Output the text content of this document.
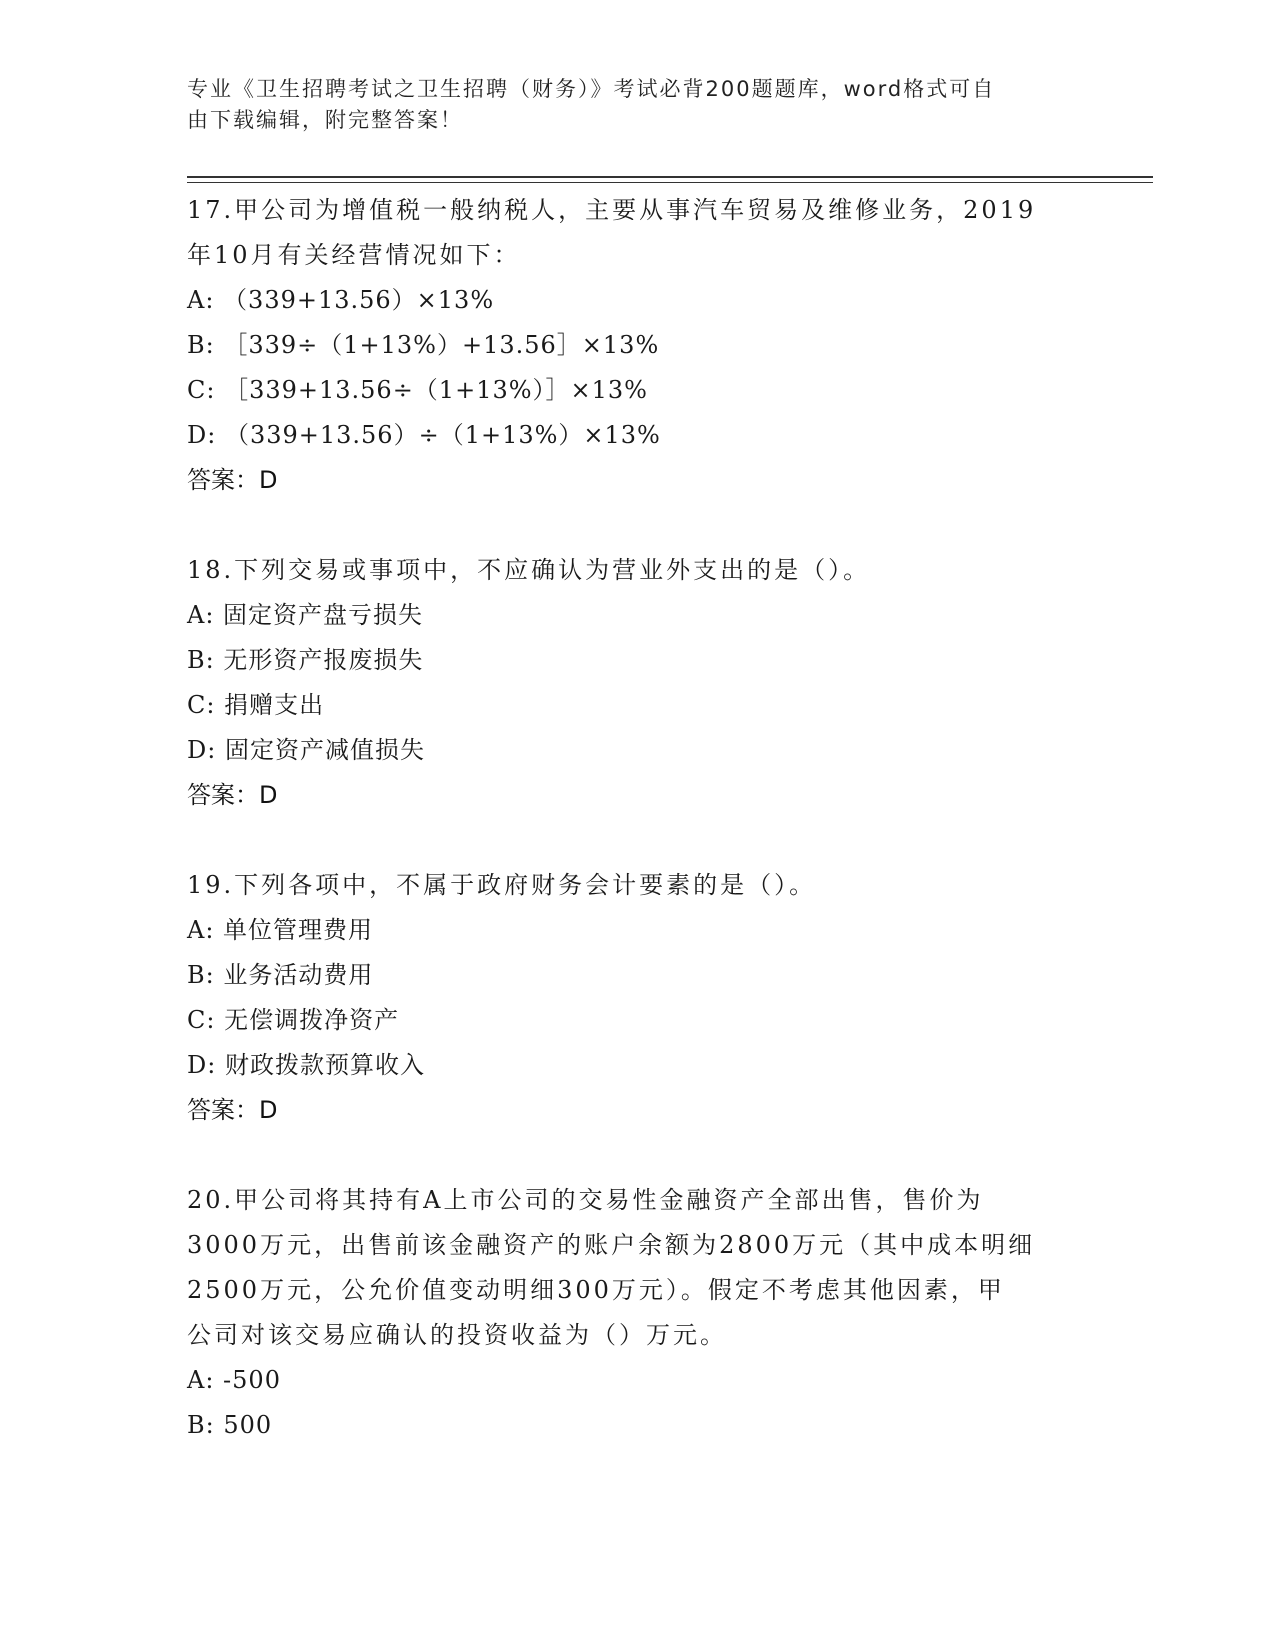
专业《卫生招聘考试之卫生招聘（财务）》考试必背200题题库，word格式可自
由下载编辑，附完整答案！

17.甲公司为增值税一般纳税人，主要从事汽车贸易及维修业务，2019

年10月有关经营情况如下：

A: （339+13.56）×13%

B: ［339÷（1+13%）+13.56］×13%

C: ［339+13.56÷（1+13%）］×13%

D: （339+13.56）÷（1+13%）×13%

答案：D

18.下列交易或事项中，不应确认为营业外支出的是（）。

A: 固定资产盘亏损失

B: 无形资产报废损失

C: 捐赠支出

D: 固定资产减值损失

答案：D

19.下列各项中，不属于政府财务会计要素的是（）。

A: 单位管理费用

B: 业务活动费用

C: 无偿调拨净资产

D: 财政拨款预算收入

答案：D

20.甲公司将其持有A上市公司的交易性金融资产全部出售，售价为

3000万元，出售前该金融资产的账户余额为2800万元（其中成本明细

2500万元，公允价值变动明细300万元）。假定不考虑其他因素，甲

公司对该交易应确认的投资收益为（）万元。

A: -500

B: 500
